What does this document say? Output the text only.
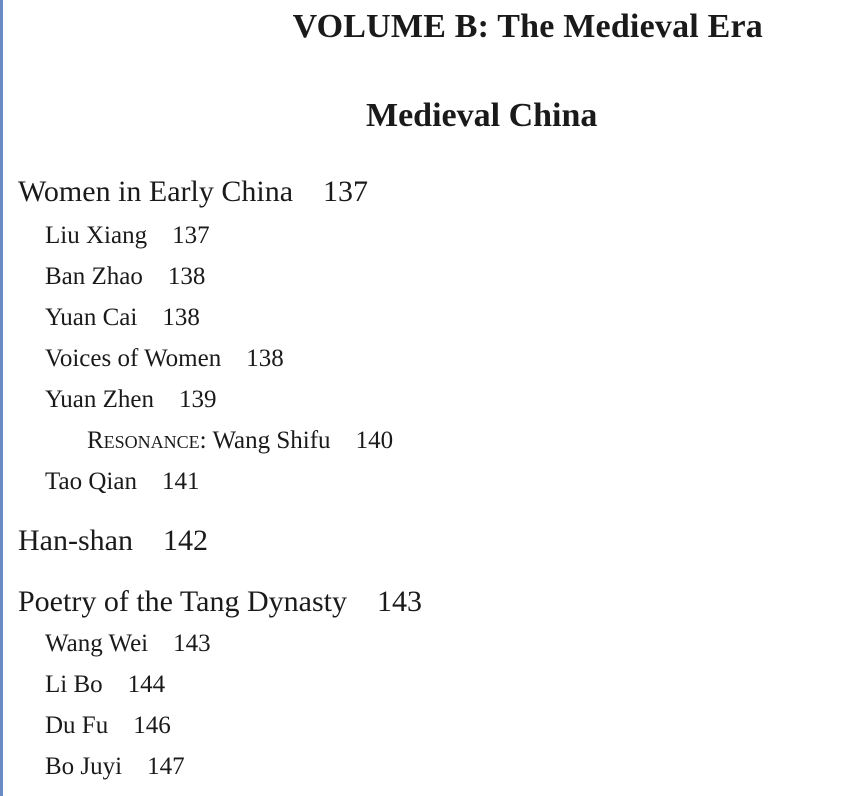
VOLUME B: The Medieval Era
Medieval China
Women in Early China 137
Liu Xiang 137
Ban Zhao 138
Yuan Cai 138
Voices of Women 138
Yuan Zhen 139
Resonance: Wang Shifu 140
Tao Qian 141
Han-shan 142
Poetry of the Tang Dynasty 143
Wang Wei 143
Li Bo 144
Du Fu 146
Bo Juyi 147
